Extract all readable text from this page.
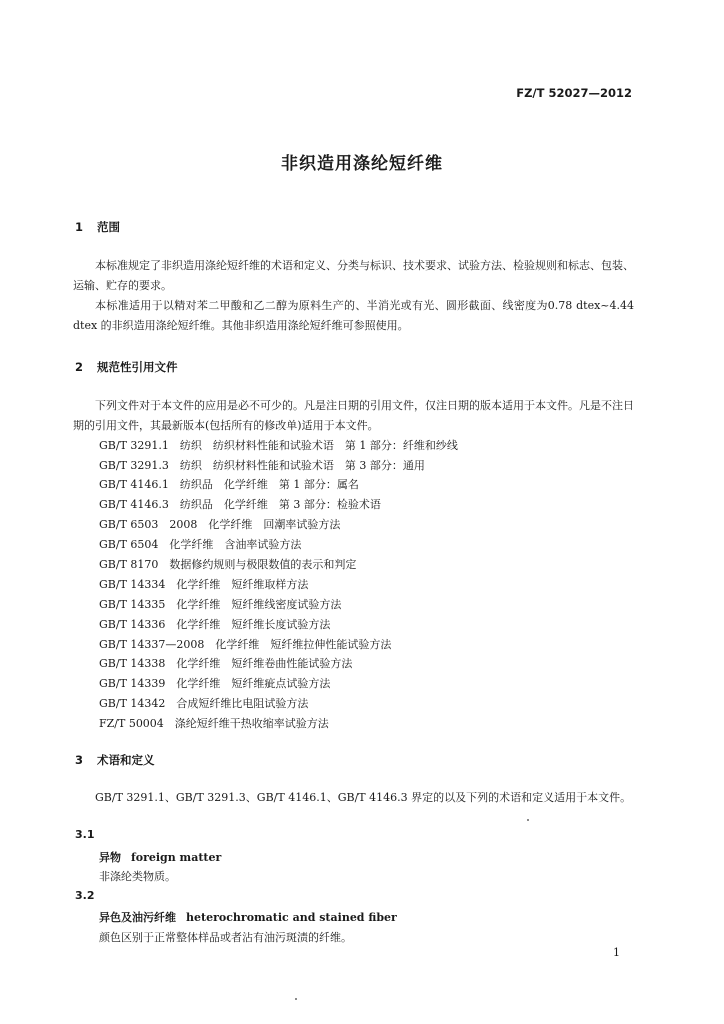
FZ/T 52027—2012
非织造用涤纶短纤维
1 范围
本标准规定了非织造用涤纶短纤维的术语和定义、分类与标识、技术要求、试验方法、检验规则和标志、包装、运输、贮存的要求。
本标准适用于以精对苯二甲酸和乙二醇为原料生产的、半消光或有光、圆形截面、线密度为0.78 dtex~4.44 dtex 的非织造用涤纶短纤维。其他非织造用涤纶短纤维可参照使用。
2 规范性引用文件
下列文件对于本文件的应用是必不可少的。凡是注日期的引用文件，仅注日期的版本适用于本文件。凡是不注日期的引用文件，其最新版本(包括所有的修改单)适用于本文件。
GB/T 3291.1　纺织　纺织材料性能和试验术语　第 1 部分：纤维和纱线
GB/T 3291.3　纺织　纺织材料性能和试验术语　第 3 部分：通用
GB/T 4146.1　纺织品　化学纤维　第 1 部分：属名
GB/T 4146.3　纺织品　化学纤维　第 3 部分：检验术语
GB/T 6503　2008　化学纤维　回潮率试验方法
GB/T 6504　化学纤维　含油率试验方法
GB/T 8170　数据修约规则与极限数值的表示和判定
GB/T 14334　化学纤维　短纤维取样方法
GB/T 14335　化学纤维　短纤维线密度试验方法
GB/T 14336　化学纤维　短纤维长度试验方法
GB/T 14337—2008　化学纤维　短纤维拉伸性能试验方法
GB/T 14338　化学纤维　短纤维卷曲性能试验方法
GB/T 14339　化学纤维　短纤维疵点试验方法
GB/T 14342　合成短纤维比电阻试验方法
FZ/T 50004　涤纶短纤维干热收缩率试验方法
3 术语和定义
GB/T 3291.1、GB/T 3291.3、GB/T 4146.1、GB/T 4146.3 界定的以及下列的术语和定义适用于本文件。
3.1
异物 foreign matter
非涤纶类物质。
3.2
异色及油污纤维 heterochromatic and stained fiber
颜色区别于正常整体样品或者沾有油污斑渍的纤维。
1
